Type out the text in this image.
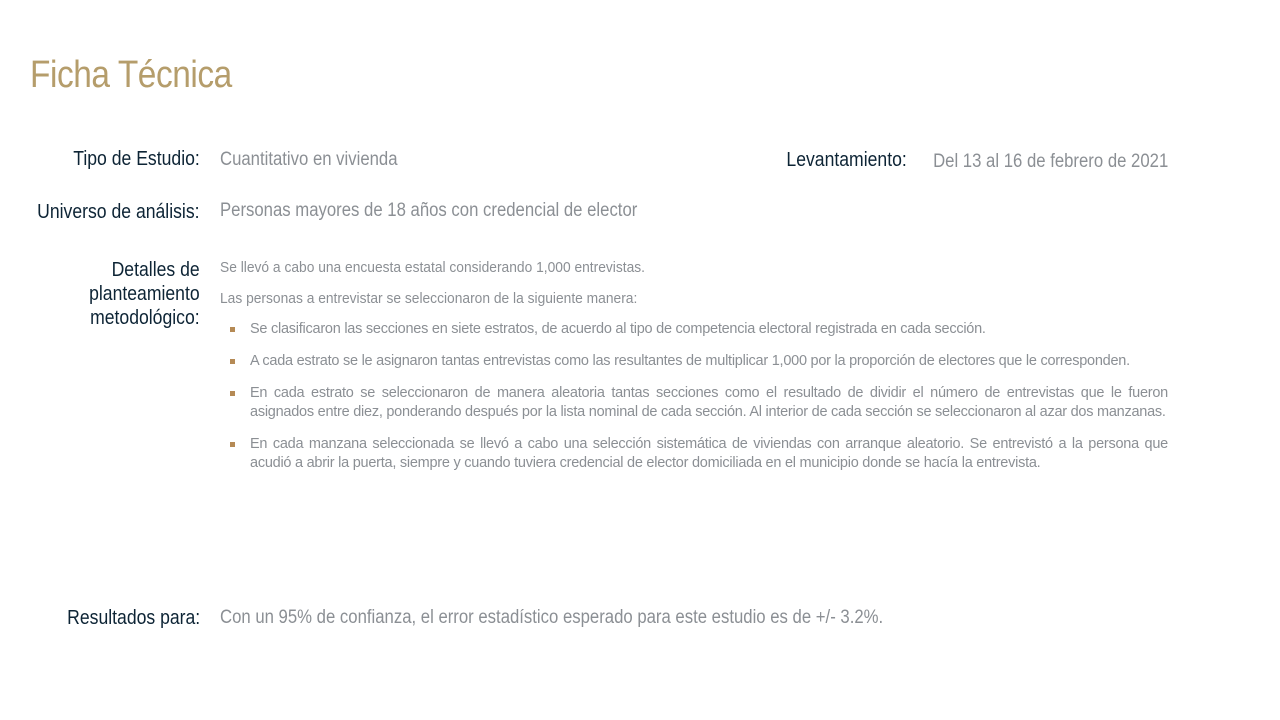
Ficha Técnica
Tipo de Estudio: Cuantitativo en vivienda	Levantamiento: Del 13 al 16 de febrero de 2021
Universo de análisis: Personas mayores de 18 años con credencial de elector
Detalles de
planteamiento
metodológico:

Se llevó a cabo una encuesta estatal considerando 1,000 entrevistas.

Las personas a entrevistar se seleccionaron de la siguiente manera:

Se clasificaron las secciones en siete estratos, de acuerdo al tipo de competencia electoral registrada en cada sección.
A cada estrato se le asignaron tantas entrevistas como las resultantes de multiplicar 1,000 por la proporción de electores que le corresponden.
En cada estrato se seleccionaron de manera aleatoria tantas secciones como el resultado de dividir el número de entrevistas que le fueron asignados entre diez, ponderando después por la lista nominal de cada sección. Al interior de cada sección se seleccionaron al azar dos manzanas.
En cada manzana seleccionada se llevó a cabo una selección sistemática de viviendas con arranque aleatorio. Se entrevistó a la persona que acudió a abrir la puerta, siempre y cuando tuviera credencial de elector domiciliada en el municipio donde se hacía la entrevista.
Resultados para: Con un 95% de confianza, el error estadístico esperado para este estudio es de +/- 3.2%.
